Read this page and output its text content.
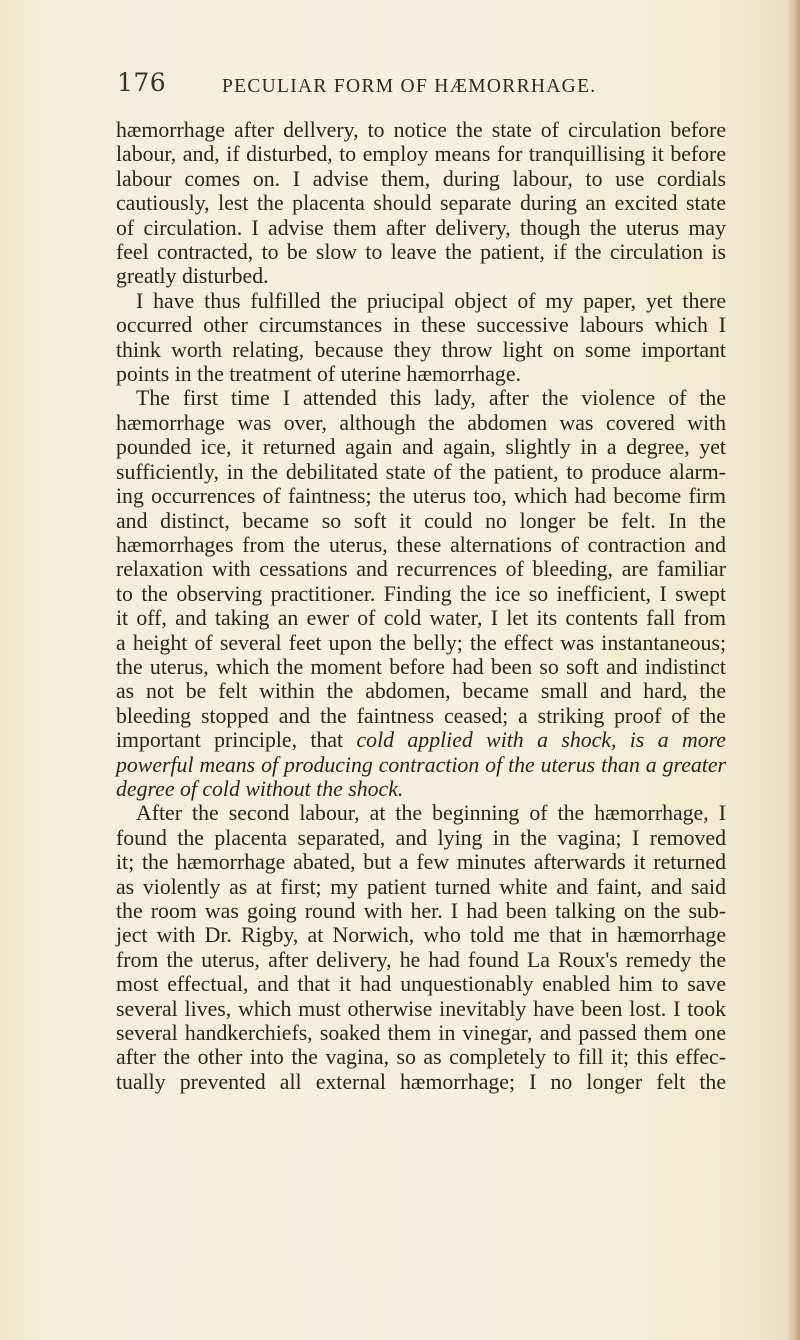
176	PECULIAR FORM OF HÆMORRHAGE.

hæmorrhage after dellvery, to notice the state of circulation before

labour, and, if disturbed, to employ means for tranquillising it before

labour comes on. I advise them, during labour, to use cordials

cautiously, lest the placenta should separate during an excited state

of circulation. I advise them after delivery, though the uterus may

feel contracted, to be slow to leave the patient, if the circulation is

greatly disturbed.

I have thus fulfilled the priucipal object of my paper, yet there

occurred other circumstances in these successive labours which I

think worth relating, because they throw light on some important

points in the treatment of uterine hæmorrhage.

The first time I attended this lady, after the violence of the

hæmorrhage was over, although the abdomen was covered with

pounded ice, it returned again and again, slightly in a degree, yet

sufficiently, in the debilitated state of the patient, to produce alarm-

ing occurrences of faintness; the uterus too, which had become firm

and distinct, became so soft it could no longer be felt. In the

hæmorrhages from the uterus, these alternations of contraction and

relaxation with cessations and recurrences of bleeding, are familiar

to the observing practitioner. Finding the ice so inefficient, I swept

it off, and taking an ewer of cold water, I let its contents fall from

a height of several feet upon the belly; the effect was instantaneous;

the uterus, which the moment before had been so soft and indistinct

as not be felt within the abdomen, became small and hard, the

bleeding stopped and the faintness ceased; a striking proof of the

important principle, that cold applied with a shock, is a more

powerful means of producing contraction of the uterus than a greater

degree of cold without the shock.

After the second labour, at the beginning of the hæmorrhage, I

found the placenta separated, and lying in the vagina; I removed

it; the hæmorrhage abated, but a few minutes afterwards it returned

as violently as at first; my patient turned white and faint, and said

the room was going round with her. I had been talking on the sub-

ject with Dr. Rigby, at Norwich, who told me that in hæmorrhage

from the uterus, after delivery, he had found La Roux's remedy the

most effectual, and that it had unquestionably enabled him to save

several lives, which must otherwise inevitably have been lost. I took

several handkerchiefs, soaked them in vinegar, and passed them one

after the other into the vagina, so as completely to fill it; this effec-

tually prevented all external hæmorrhage; I no longer felt the
